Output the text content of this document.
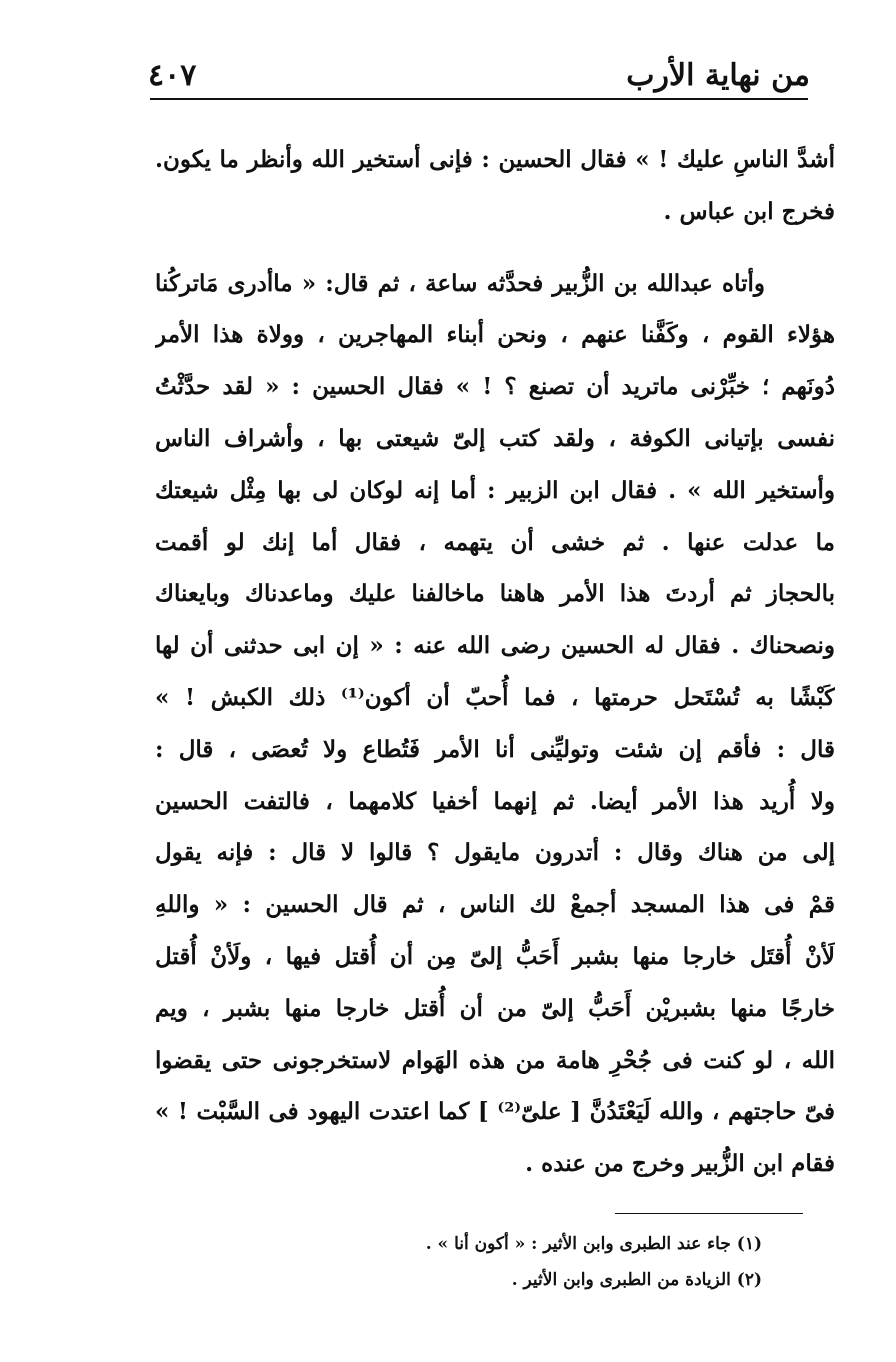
من نهاية الأرب
٤٠٧
أشدَّ الناسِ عليك ! » فقال الحسين : فإنى أستخير الله وأنظر ما يكون.
فخرج ابن عباس .
وأتاه عبدالله بن الزُّبير فحدَّثه ساعة ، ثم قال: « ماأدرى مَاتركُنا
هؤلاء القوم ، وكَفَّنا عنهم ، ونحن أبناء المهاجرين ، وولاة هذا الأمر
دُونَهم ؛ خبِّرْنى ماتريد أن تصنع ؟ ! » فقال الحسين : « لقد حدَّثْتُ
نفسى بإتيانى الكوفة ، ولقد كتب إلىّ شيعتى بها ، وأشراف الناس
وأستخير الله » . فقال ابن الزبير : أما إنه لوكان لى بها مِثْل شيعتك
ما عدلت عنها . ثم خشى أن يتهمه ، فقال أما إنك لو أقمت
بالحجاز ثم أردتَ هذا الأمر هاهنا ماخالفنا عليك وماعدناك وبايعناك
ونصحناك . فقال له الحسين رضى الله عنه : « إن ابى حدثنى أن لها
كَبْشًا به تُسْتَحل حرمتها ، فما أُحبّ أن أكون⁽¹⁾ ذلك الكبش ! »
قال : فأقم إن شئت وتوليِّنى أنا الأمر فَتُطاع ولا تُعصَى ، قال :
ولا أُريد هذا الأمر أيضا. ثم إنهما أخفيا كلامهما ، فالتفت الحسين
إلى من هناك وقال : أتدرون مايقول ؟ قالوا لا قال : فإنه يقول
قمْ فى هذا المسجد أجمعْ لك الناس ، ثم قال الحسين : « واللهِ
لَأنْ أُقتَل خارجا منها بشبر أَحَبُّ إلىّ مِن أن أُقتل فيها ، ولَأنْ أُقتل
خارجًا منها بشبريْن أَحَبُّ إلىّ من أن أُقتل خارجا منها بشبر ، ويم
الله ، لو كنت فى جُحْرِ هامة من هذه الهَوام لاستخرجونى حتى يقضوا
فىّ حاجتهم ، والله لَيَعْتَدُنَّ [ علىّ⁽²⁾ ] كما اعتدت اليهود فى السَّبْت ! »
فقام ابن الزُّبير وخرج من عنده .
(١) جاء عند الطبرى وابن الأثير : « أكون أنا » .
(٢) الزيادة من الطبرى وابن الأثير .
